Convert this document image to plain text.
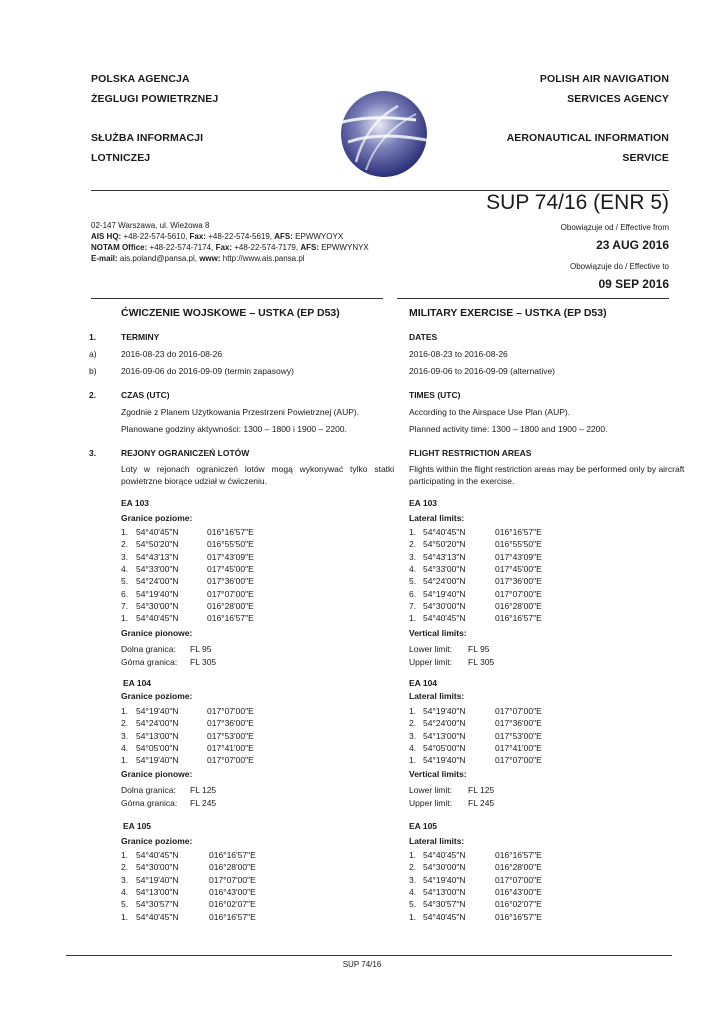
POLSKA AGENCJA
ŻEGLUGI POWIETRZNEJ
SŁUŻBA INFORMACJI
LOTNICZEJ
POLISH AIR NAVIGATION
SERVICES AGENCY
AERONAUTICAL INFORMATION
SERVICE
SUP 74/16 (ENR 5)
Obowiązuje od / Effective from
23 AUG 2016
Obowiązuje do / Effective to
09 SEP 2016
02-147 Warszawa, ul. Wieżowa 8
AIS HQ: +48-22-574-5610, Fax: +48-22-574-5619, AFS: EPWWYOYX
NOTAM Office: +48-22-574-7174, Fax: +48-22-574-7179, AFS: EPWWYNYX
E-mail: ais.poland@pansa.pl, www: http://www.ais.pansa.pl
ĆWICZENIE WOJSKOWE – USTKA (EP D53)	MILITARY EXERCISE – USTKA (EP D53)
1.	TERMINY	DATES
a)	2016-08-23 do 2016-08-26	2016-08-23 to 2016-08-26
b)	2016-09-06 do 2016-09-09 (termin zapasowy)	2016-09-06 to 2016-09-09 (alternative)
2.	CZAS (UTC)	TIMES (UTC)
Zgodnie z Planem Użytkowania Przestrzeni Powietrznej (AUP).	According to the Airspace Use Plan (AUP).
Planowane godziny aktywności: 1300 – 1800 i 1900 – 2200.	Planned activity time: 1300 – 1800 and 1900 – 2200.
3.	REJONY OGRANICZEŃ LOTÓW	FLIGHT RESTRICTION AREAS
Loty w rejonach ograniczeń lotów mogą wykonywać tylko statki
powietrzne biorące udział w ćwiczeniu.
Flights within the flight restriction areas may be performed only by aircraft
participating in the exercise.
EA 103
Granice poziome:
1. 54°40'45"N	016°16'57"E
2. 54°50'20"N	016°55'50"E
3. 54°43'13"N	017°43'09"E
4. 54°33'00"N	017°45'00"E
5. 54°24'00"N	017°36'00"E
6. 54°19'40"N	017°07'00"E
7. 54°30'00"N	016°28'00"E
1. 54°40'45"N	016°16'57"E
Granice pionowe:
Dolna granica: FL 95
Górna granica: FL 305
EA 103
Lateral limits:
1. 54°40'45"N	016°16'57"E
2. 54°50'20"N	016°55'50"E
3. 54°43'13"N	017°43'09"E
4. 54°33'00"N	017°45'00"E
5. 54°24'00"N	017°36'00"E
6. 54°19'40"N	017°07'00"E
7. 54°30'00"N	016°28'00"E
1. 54°40'45"N	016°16'57"E
Vertical limits:
Lower limit: FL 95
Upper limit: FL 305
EA 104
Granice poziome:
1. 54°19'40"N	017°07'00"E
2. 54°24'00"N	017°36'00"E
3. 54°13'00"N	017°53'00"E
4. 54°05'00"N	017°41'00"E
1. 54°19'40"N	017°07'00"E
Granice pionowe:
Dolna granica: FL 125
Górna granica: FL 245
EA 104
Lateral limits:
1. 54°19'40"N	017°07'00"E
2. 54°24'00"N	017°36'00"E
3. 54°13'00"N	017°53'00"E
4. 54°05'00"N	017°41'00"E
1. 54°19'40"N	017°07'00"E
Vertical limits:
Lower limit: FL 125
Upper limit: FL 245
EA 105
Granice poziome:
1. 54°40'45"N	016°16'57"E
2. 54°30'00"N	016°28'00"E
3. 54°19'40"N	017°07'00"E
4. 54°13'00"N	016°43'00"E
5. 54°30'57"N	016°02'07"E
1. 54°40'45"N	016°16'57"E
EA 105
Lateral limits:
1. 54°40'45"N	016°16'57"E
2. 54°30'00"N	016°28'00"E
3. 54°19'40"N	017°07'00"E
4. 54°13'00"N	016°43'00"E
5. 54°30'57"N	016°02'07"E
1. 54°40'45"N	016°16'57"E
SUP 74/16
